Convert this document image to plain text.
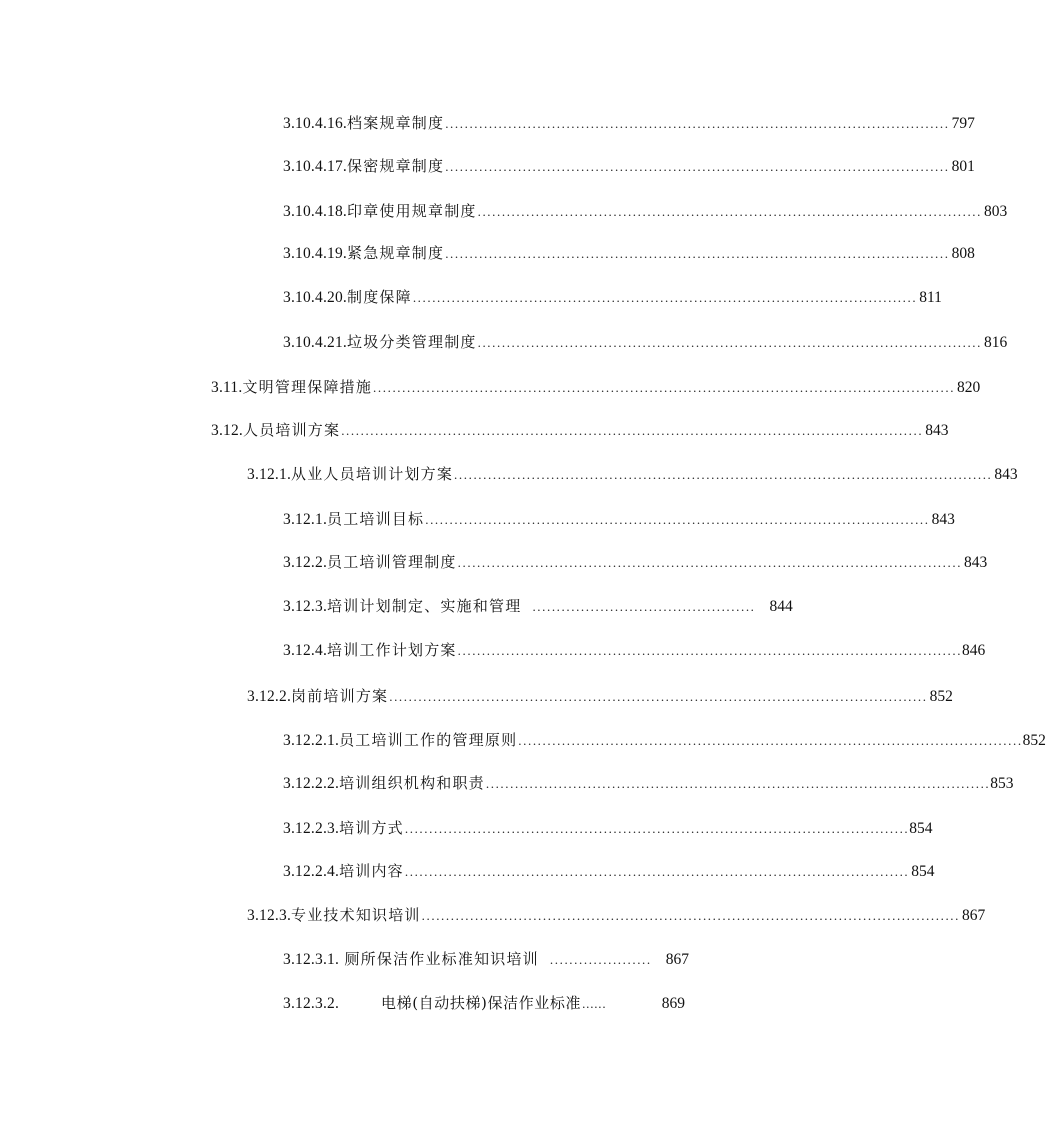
3.10.4.16. 档案规章制度 ........................................................................................................ 797
3.10.4.17. 保密规章制度 ........................................................................................................ 801
3.10.4.18. 印章使用规章制度 ........................................................................................................ 803
3.10.4.19. 紧急规章制度 ........................................................................................................ 808
3.10.4.20. 制度保障 ........................................................................................................ 811
3.10.4.21. 垃圾分类管理制度 ........................................................................................................ 816
3.11. 文明管理保障措施 ........................................................................................................................ 820
3.12. 人员培训方案 ........................................................................................................................ 843
3.12.1. 从业人员培训计划方案 ............................................................................................................... 843
3.12.1. 员工培训目标 ........................................................................................................ 843
3.12.2. 员工培训管理制度 ........................................................................................................ 843
3.12.3. 培训计划制定、实施和管理 .............................................. 844
3.12.4. 培训工作计划方案 ........................................................................................................ 846
3.12.2. 岗前培训方案 ............................................................................................................... 852
3.12.2.1. 员工培训工作的管理原则 ........................................................................................................ 852
3.12.2.2. 培训组织机构和职责 ........................................................................................................ 853
3.12.2.3. 培训方式 ........................................................................................................ 854
3.12.2.4. 培训内容 ........................................................................................................ 854
3.12.3. 专业技术知识培训 ............................................................................................................... 867
3.12.3.1. 厕所保洁作业标准知识培训 ..................... 867
3.12.3.2.	电梯(自动扶梯)保洁作业标准 ......	869
